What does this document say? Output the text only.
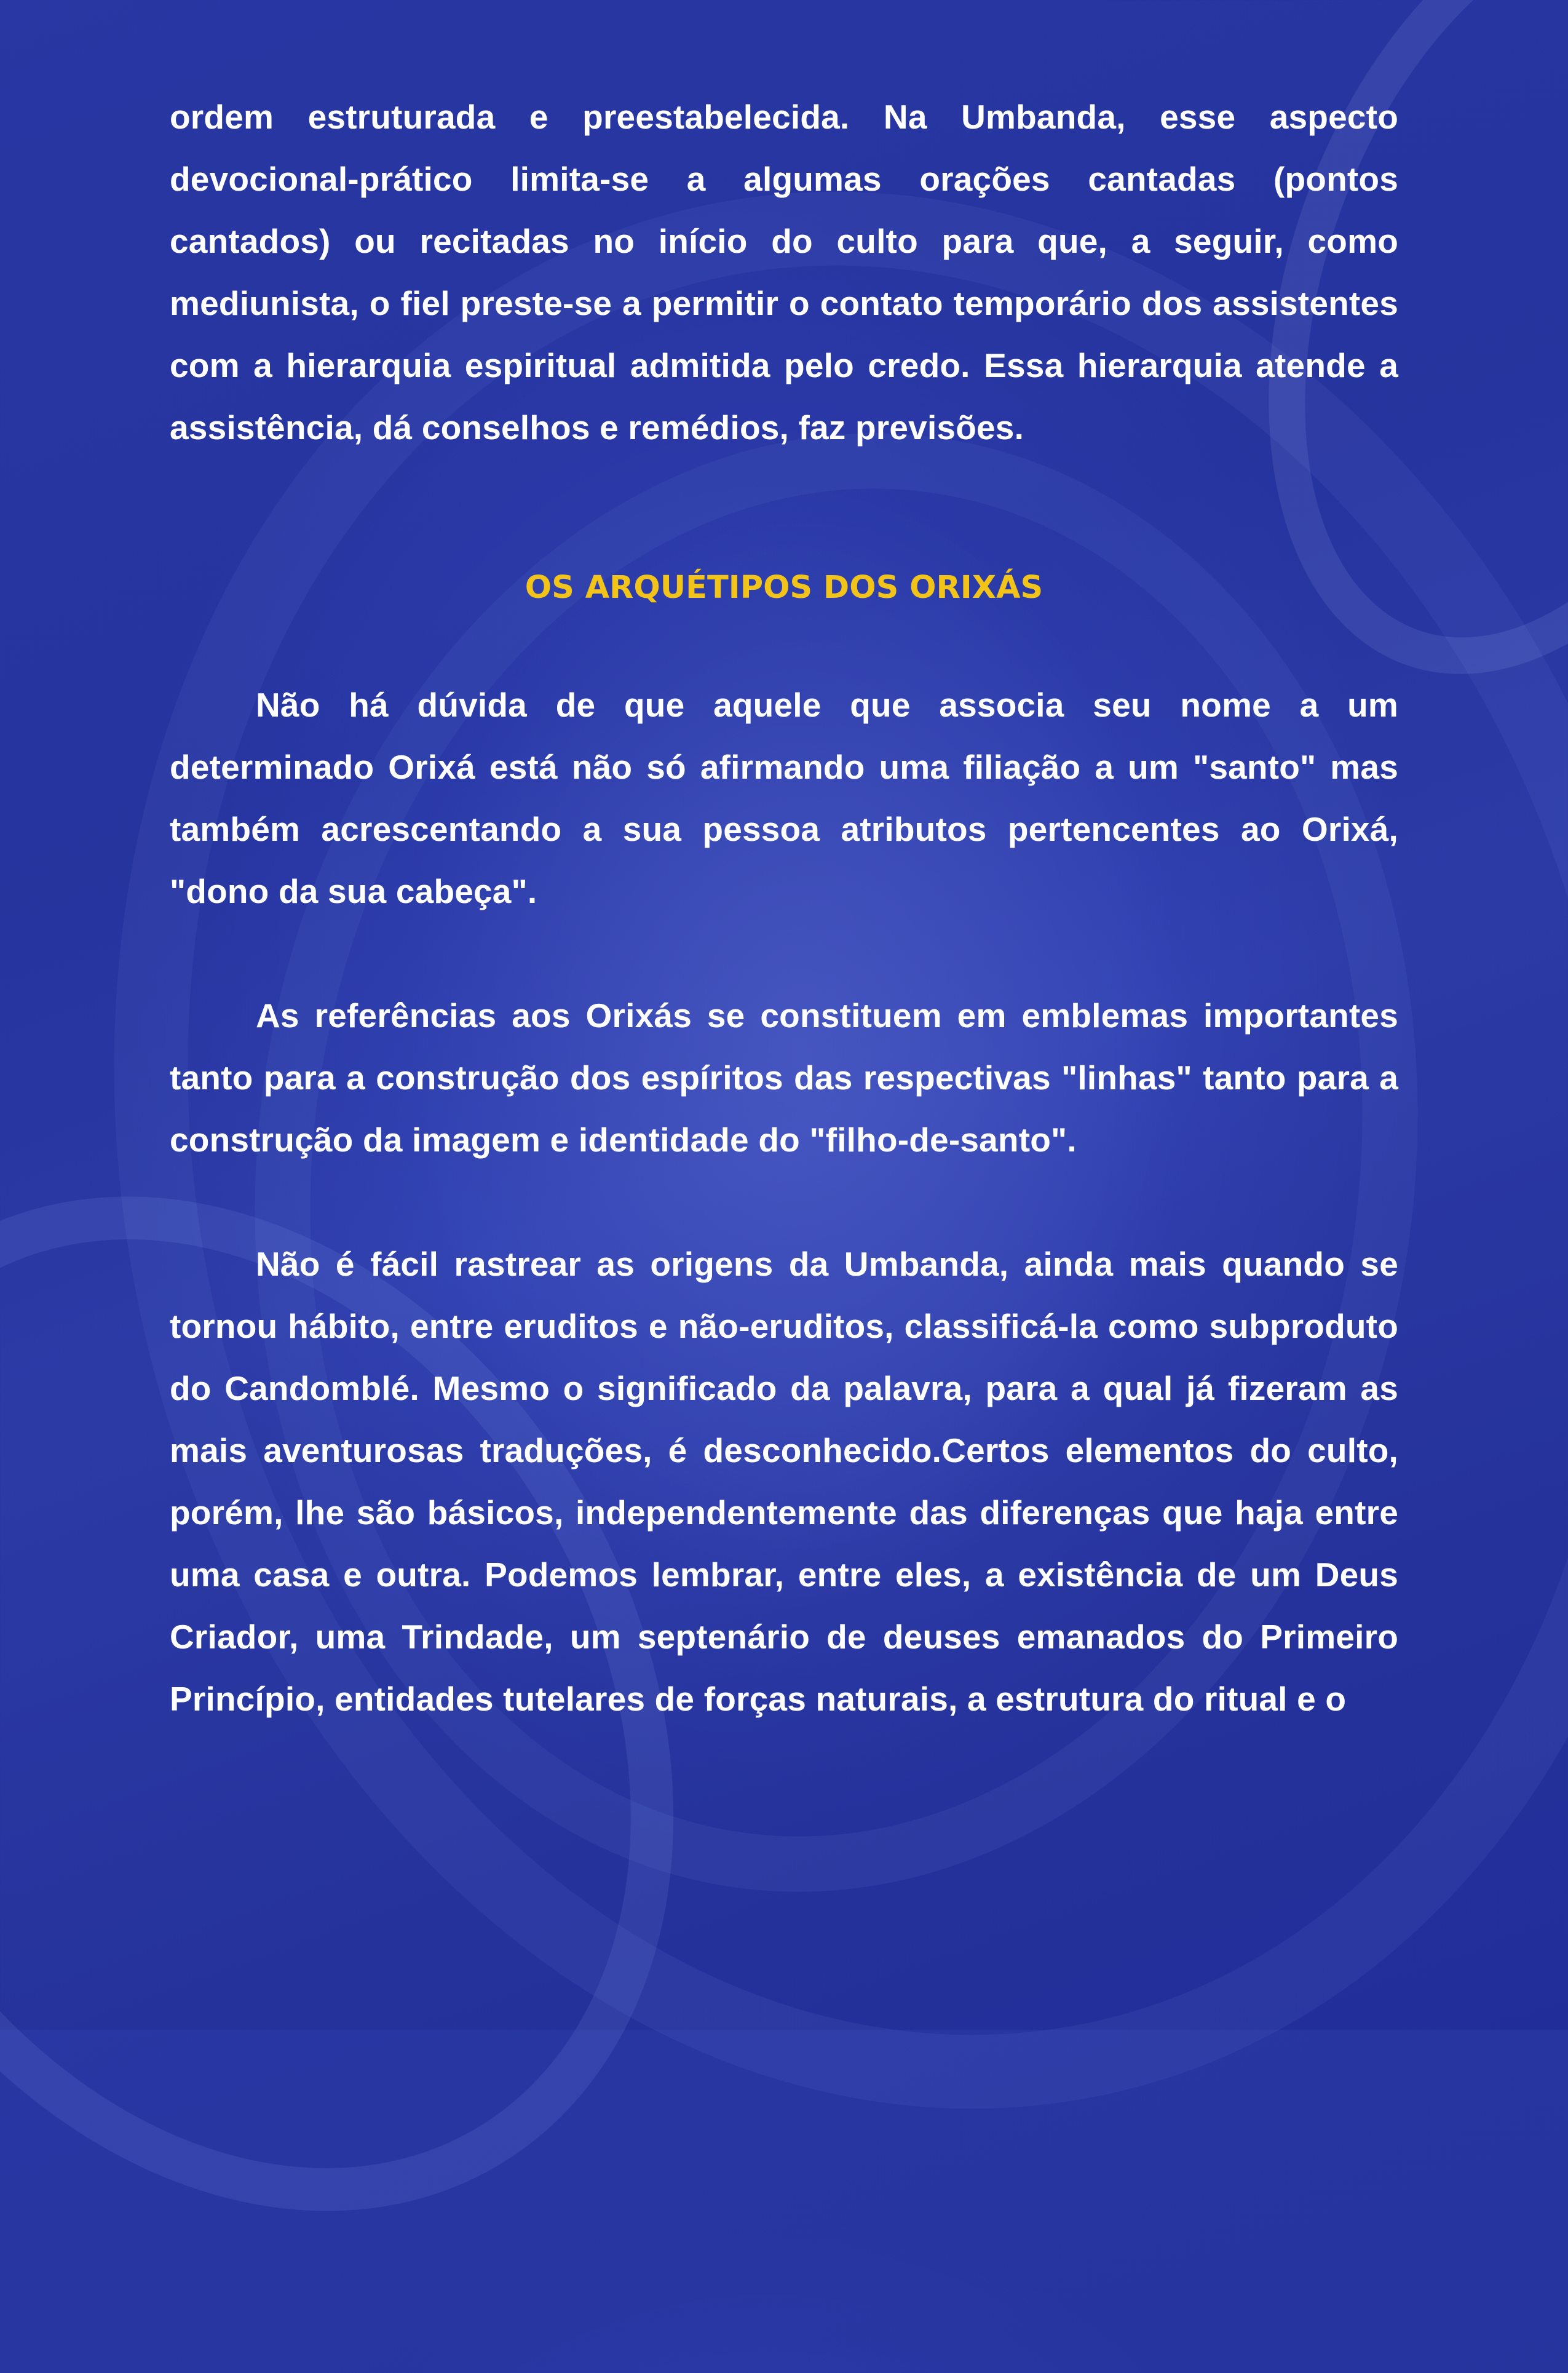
ordem estruturada e preestabelecida. Na Umbanda, esse aspecto devocional-prático limita-se a algumas orações cantadas (pontos cantados) ou recitadas no início do culto para que, a seguir, como mediunista, o fiel preste-se a permitir o contato temporário dos assistentes com a hierarquia espiritual admitida pelo credo. Essa hierarquia atende a assistência, dá conselhos e remédios, faz previsões.

OS ARQUÉTIPOS DOS ORIXÁS

Não há dúvida de que aquele que associa seu nome a um determinado Orixá está não só afirmando uma filiação a um "santo" mas também acrescentando a sua pessoa atributos pertencentes ao Orixá, "dono da sua cabeça".

As referências aos Orixás se constituem em emblemas importantes tanto para a construção dos espíritos das respectivas "linhas" tanto para a construção da imagem e identidade do "filho-de-santo".

Não é fácil rastrear as origens da Umbanda, ainda mais quando se tornou hábito, entre eruditos e não-eruditos, classificá-la como subproduto do Candomblé. Mesmo o significado da palavra, para a qual já fizeram as mais aventurosas traduções, é desconhecido.Certos elementos do culto, porém, lhe são básicos, independentemente das diferenças que haja entre uma casa e outra. Podemos lembrar, entre eles, a existência de um Deus Criador, uma Trindade, um septenário de deuses emanados do Primeiro Princípio, entidades tutelares de forças naturais, a estrutura do ritual e o
